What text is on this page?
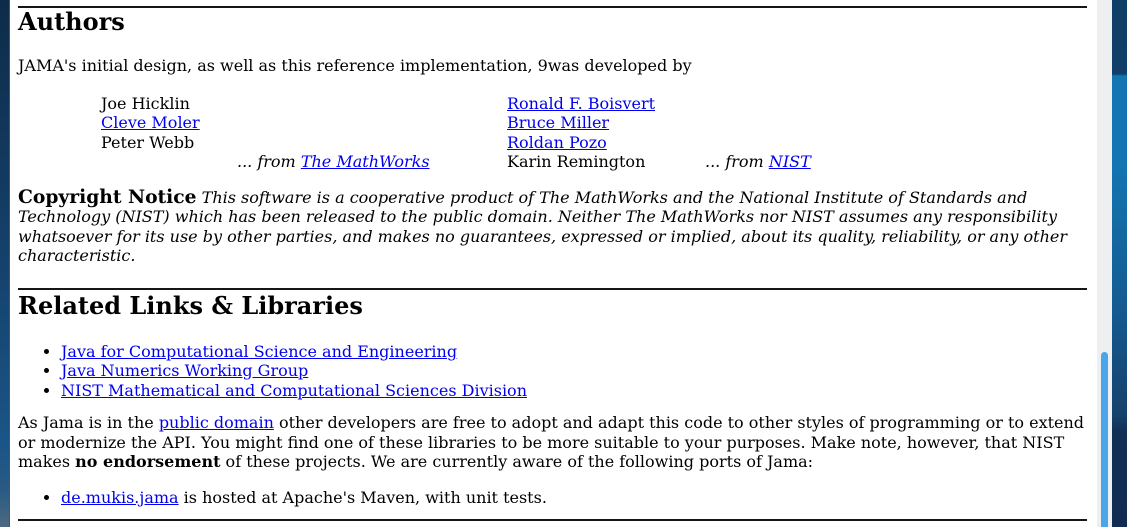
Authors

JAMA's initial design, as well as this reference implementation, 9was developed by

Joe Hicklin
Cleve Moler
Peter Webb
... from The MathWorks
Ronald F. Boisvert
Bruce Miller
Roldan Pozo
Karin Remington	... from NIST

Copyright Notice This software is a cooperative product of The MathWorks and the National Institute of Standards and Technology (NIST) which has been released to the public domain. Neither The MathWorks nor NIST assumes any responsibility whatsoever for its use by other parties, and makes no guarantees, expressed or implied, about its quality, reliability, or any other characteristic.

Related Links & Libraries
• Java for Computational Science and Engineering
• Java Numerics Working Group
• NIST Mathematical and Computational Sciences Division

As Jama is in the public domain other developers are free to adopt and adapt this code to other styles of programming or to extend or modernize the API. You might find one of these libraries to be more suitable to your purposes. Make note, however, that NIST makes no endorsement of these projects. We are currently aware of the following ports of Jama:

• de.mukis.jama is hosted at Apache's Maven, with unit tests.
